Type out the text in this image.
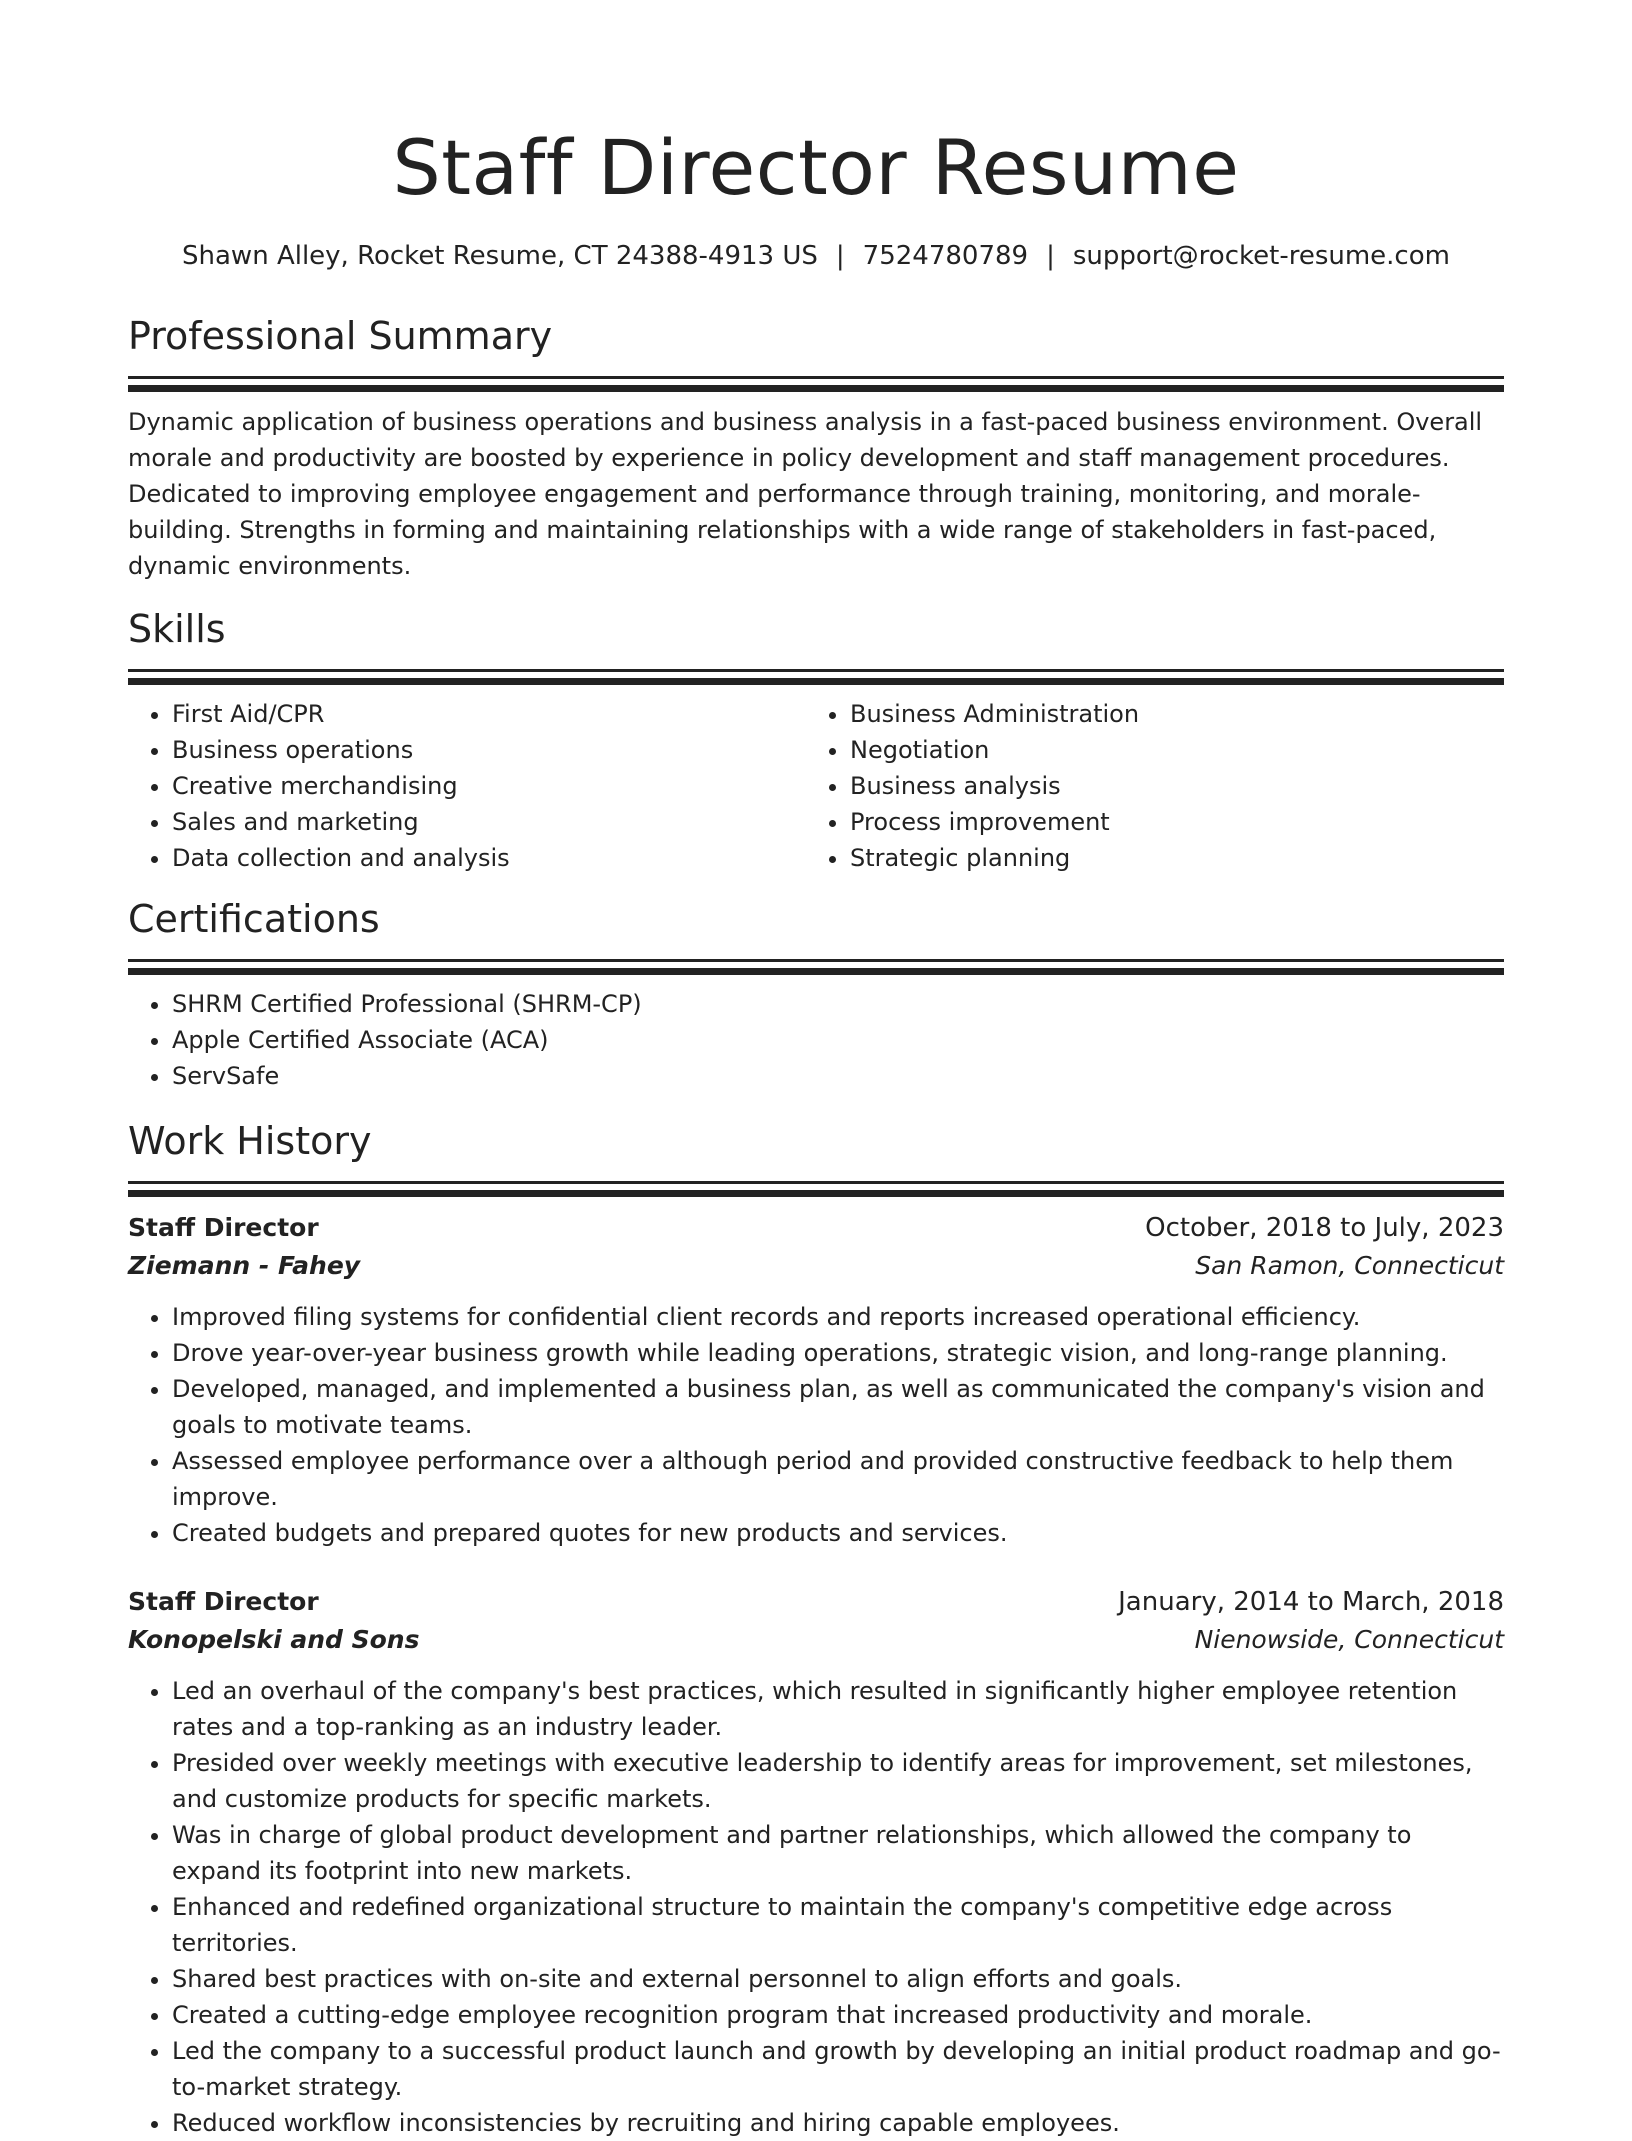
Staff Director Resume
Shawn Alley, Rocket Resume, CT 24388-4913 US | 7524780789 | support@rocket-resume.com
Professional Summary
Dynamic application of business operations and business analysis in a fast-paced business environment. Overall morale and productivity are boosted by experience in policy development and staff management procedures. Dedicated to improving employee engagement and performance through training, monitoring, and morale-building. Strengths in forming and maintaining relationships with a wide range of stakeholders in fast-paced, dynamic environments.
Skills
• First Aid/CPR
• Business operations
• Creative merchandising
• Sales and marketing
• Data collection and analysis
• Business Administration
• Negotiation
• Business analysis
• Process improvement
• Strategic planning
Certifications
• SHRM Certified Professional (SHRM-CP)
• Apple Certified Associate (ACA)
• ServSafe
Work History
Staff Director	October, 2018 to July, 2023
Ziemann - Fahey	San Ramon, Connecticut
• Improved filing systems for confidential client records and reports increased operational efficiency.
• Drove year-over-year business growth while leading operations, strategic vision, and long-range planning.
• Developed, managed, and implemented a business plan, as well as communicated the company's vision and goals to motivate teams.
• Assessed employee performance over a although period and provided constructive feedback to help them improve.
• Created budgets and prepared quotes for new products and services.
Staff Director	January, 2014 to March, 2018
Konopelski and Sons	Nienowside, Connecticut
• Led an overhaul of the company's best practices, which resulted in significantly higher employee retention rates and a top-ranking as an industry leader.
• Presided over weekly meetings with executive leadership to identify areas for improvement, set milestones, and customize products for specific markets.
• Was in charge of global product development and partner relationships, which allowed the company to expand its footprint into new markets.
• Enhanced and redefined organizational structure to maintain the company's competitive edge across territories.
• Shared best practices with on-site and external personnel to align efforts and goals.
• Created a cutting-edge employee recognition program that increased productivity and morale.
• Led the company to a successful product launch and growth by developing an initial product roadmap and go-to-market strategy.
• Reduced workflow inconsistencies by recruiting and hiring capable employees.
